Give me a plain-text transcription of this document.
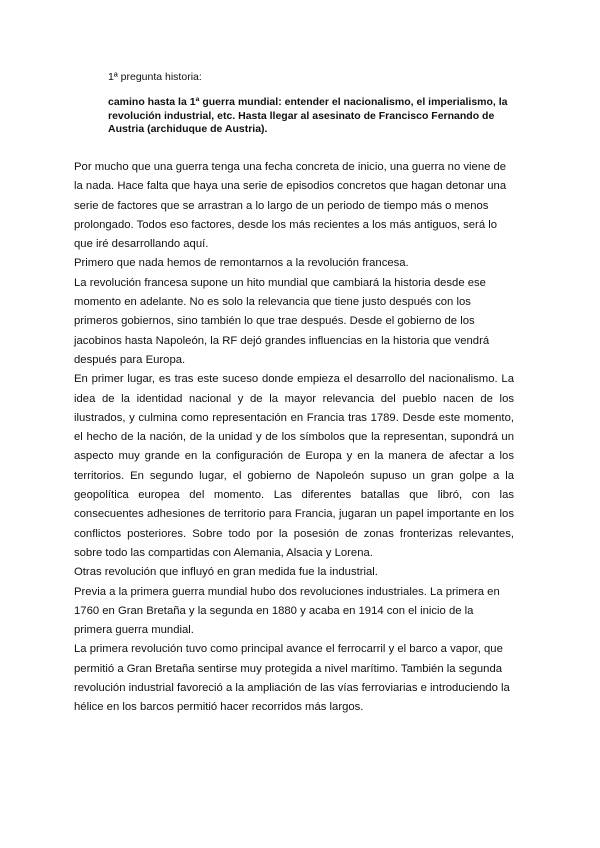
1ª pregunta historia:
camino hasta la 1ª guerra mundial: entender el nacionalismo, el imperialismo, la revolución industrial, etc. Hasta llegar al asesinato de Francisco Fernando de Austria (archiduque de Austria).

Por mucho que una guerra tenga una fecha concreta de inicio, una guerra no viene de la nada. Hace falta que haya una serie de episodios concretos que hagan detonar una serie de factores que se arrastran a lo largo de un periodo de tiempo más o menos prolongado. Todos eso factores, desde los más recientes a los más antiguos, será lo que iré desarrollando aquí.

Primero que nada hemos de remontarnos a la revolución francesa.

La revolución francesa supone un hito mundial que cambiará la historia desde ese momento en adelante. No es solo la relevancia que tiene justo después con los primeros gobiernos, sino también lo que trae después. Desde el gobierno de los jacobinos hasta Napoleón, la RF dejó grandes influencias en la historia que vendrá después para Europa.

En primer lugar, es tras este suceso donde empieza el desarrollo del nacionalismo. La idea de la identidad nacional y de la mayor relevancia del pueblo nacen de los ilustrados, y culmina como representación en Francia tras 1789. Desde este momento, el hecho de la nación, de la unidad y de los símbolos que la representan, supondrá un aspecto muy grande en la configuración de Europa y en la manera de afectar a los territorios. En segundo lugar, el gobierno de Napoleón supuso un gran golpe a la geopolítica europea del momento. Las diferentes batallas que libró, con las consecuentes adhesiones de territorio para Francia, jugaran un papel importante en los conflictos posteriores. Sobre todo por la posesión de zonas fronterizas relevantes, sobre todo las compartidas con Alemania, Alsacia y Lorena.

Otras revolución que influyó en gran medida fue la industrial.

Previa a la primera guerra mundial hubo dos revoluciones industriales. La primera en 1760 en Gran Bretaña y la segunda en 1880 y acaba en 1914 con el inicio de la primera guerra mundial.

La primera revolución tuvo como principal avance el ferrocarril y el barco a vapor, que permitió a Gran Bretaña sentirse muy protegida a nivel marítimo. También la segunda revolución industrial favoreció a la ampliación de las vías ferroviarias e introduciendo la hélice en los barcos permitió hacer recorridos más largos.
